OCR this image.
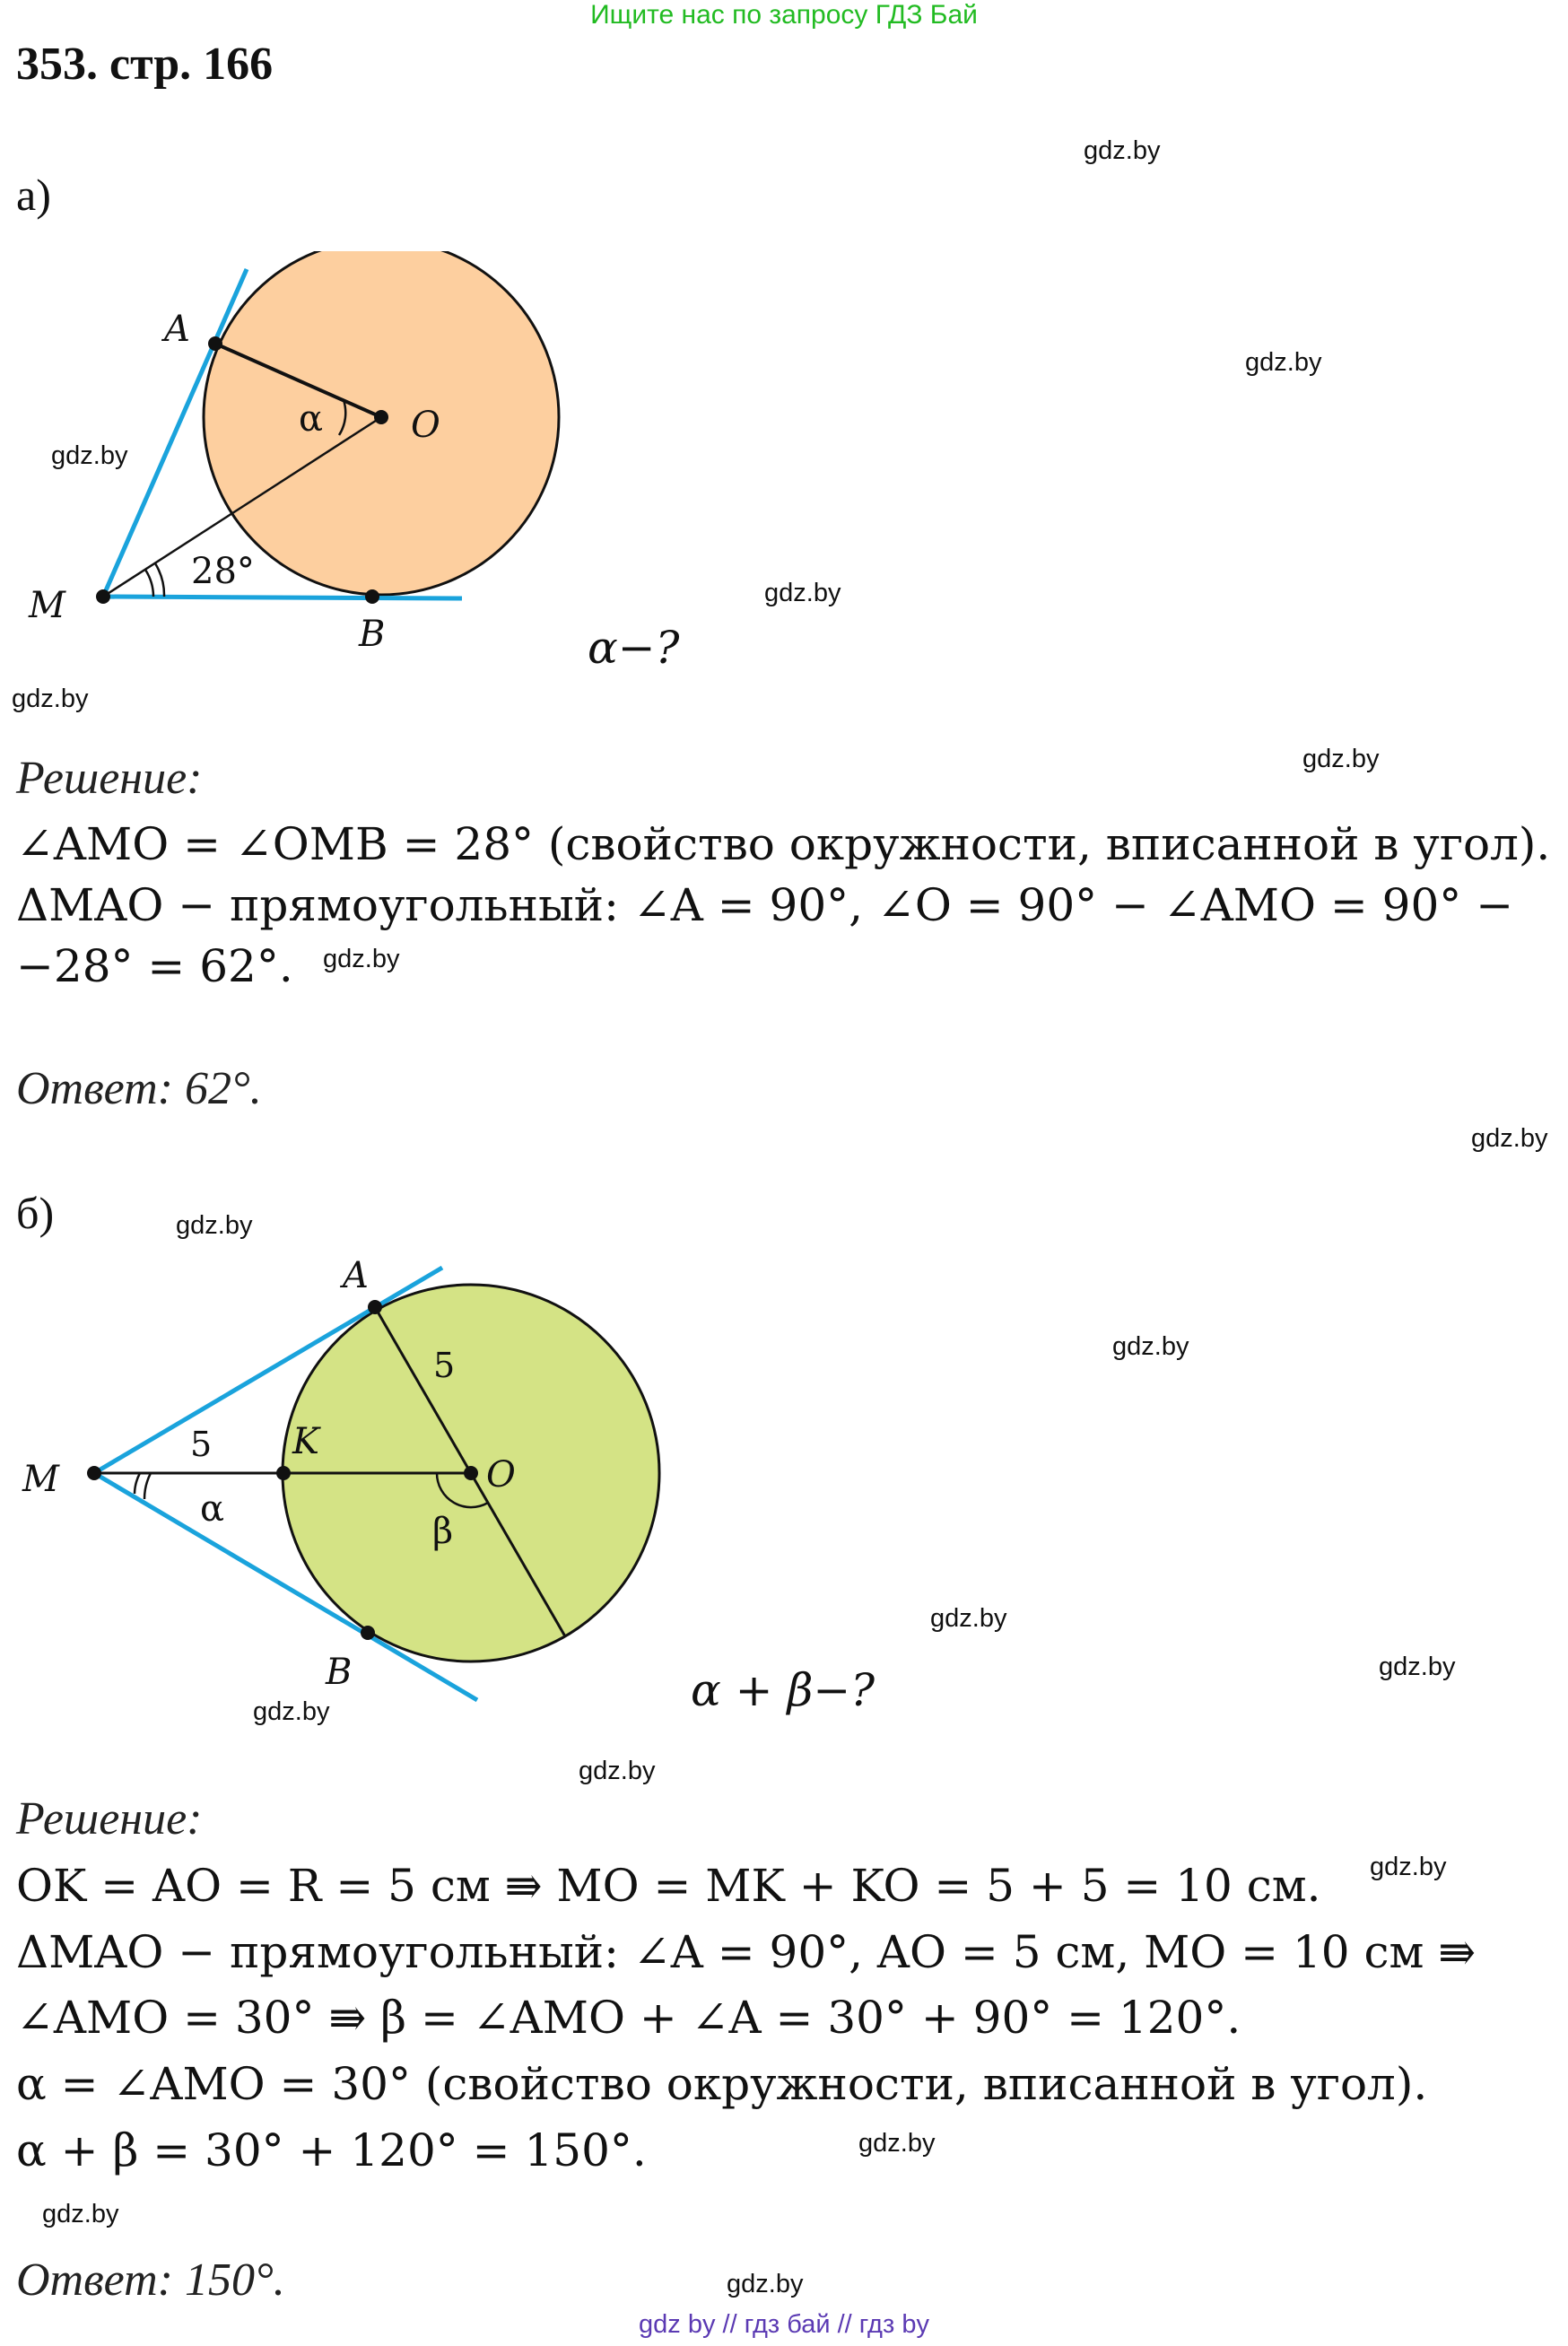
Ищите нас по запросу ГДЗ Бай
353. стр. 166
gdz.by
gdz.by
gdz.by
gdz.by
gdz.by
gdz.by
gdz.by
gdz.by
gdz.by
gdz.by
gdz.by
gdz.by
gdz.by
gdz.by
gdz.by
gdz.by
gdz.by
gdz.by
а)
A
O
M
B
α
28°
α−?
Решение:
∠AMO = ∠OMB = 28° (свойство окружности, вписанной в угол).
ΔMAO − прямоугольный: ∠A = 90°, ∠O = 90° − ∠AMO = 90° −
−28° = 62°.
Ответ: 62°.
б)
A
O
M
B
K
5
5
α
β
α + β−?
Решение:
OK = AO = R = 5 см ⇛ MO = MK + KO = 5 + 5 = 10 см.
ΔMAO − прямоугольный: ∠A = 90°, AO = 5 см, MO = 10 см ⇛
∠AMO = 30° ⇛ β = ∠AMO + ∠A = 30° + 90° = 120°.
α = ∠AMO = 30° (свойство окружности, вписанной в угол).
α + β = 30° + 120° = 150°.
Ответ: 150°.
gdz by // гдз бай // гдз by
